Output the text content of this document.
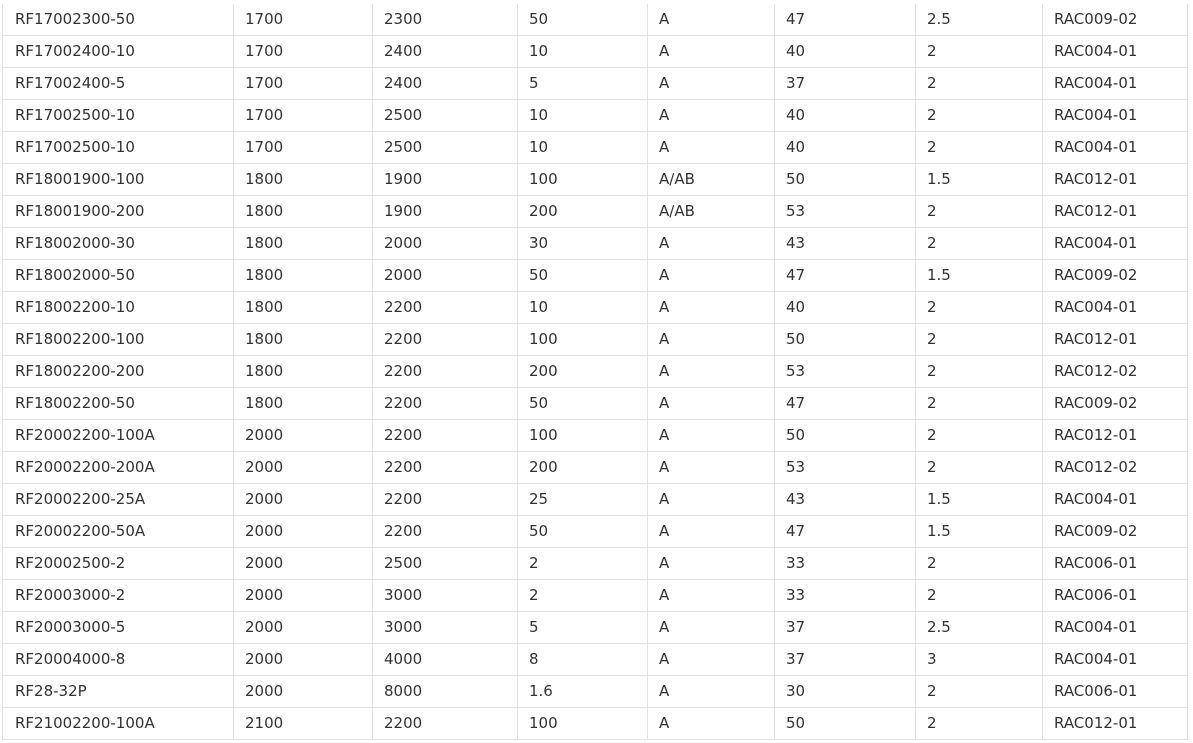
RF17002300-50	1700	2300	50	A	47	2.5	RAC009-02
RF17002400-10	1700	2400	10	A	40	2	RAC004-01
RF17002400-5	1700	2400	5	A	37	2	RAC004-01
RF17002500-10	1700	2500	10	A	40	2	RAC004-01
RF17002500-10	1700	2500	10	A	40	2	RAC004-01
RF18001900-100	1800	1900	100	A/AB	50	1.5	RAC012-01
RF18001900-200	1800	1900	200	A/AB	53	2	RAC012-01
RF18002000-30	1800	2000	30	A	43	2	RAC004-01
RF18002000-50	1800	2000	50	A	47	1.5	RAC009-02
RF18002200-10	1800	2200	10	A	40	2	RAC004-01
RF18002200-100	1800	2200	100	A	50	2	RAC012-01
RF18002200-200	1800	2200	200	A	53	2	RAC012-02
RF18002200-50	1800	2200	50	A	47	2	RAC009-02
RF20002200-100A	2000	2200	100	A	50	2	RAC012-01
RF20002200-200A	2000	2200	200	A	53	2	RAC012-02
RF20002200-25A	2000	2200	25	A	43	1.5	RAC004-01
RF20002200-50A	2000	2200	50	A	47	1.5	RAC009-02
RF20002500-2	2000	2500	2	A	33	2	RAC006-01
RF20003000-2	2000	3000	2	A	33	2	RAC006-01
RF20003000-5	2000	3000	5	A	37	2.5	RAC004-01
RF20004000-8	2000	4000	8	A	37	3	RAC004-01
RF28-32P	2000	8000	1.6	A	30	2	RAC006-01
RF21002200-100A	2100	2200	100	A	50	2	RAC012-01
